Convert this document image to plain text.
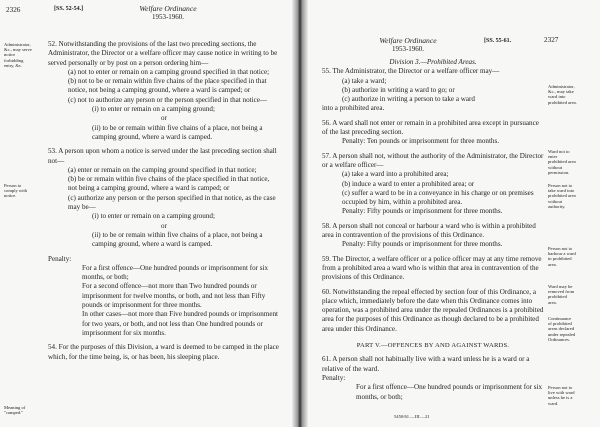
2326	[SS. 52-54.]	Welfare Ordinance
1953-1960.
Administrator,
&c., may serve
notice
forbidding
entry, &c.
Person to
comply with
notice.
Meaning of
"camped."

52. Notwithstanding the provisions of the last two preceding sections, the Administrator, the Director or a welfare officer may cause notice in writing to be served personally or by post on a person ordering him—

(a) not to enter or remain on a camping ground specified in that notice;

(b) not to be or remain within five chains of the place specified in that notice, not being a camping ground, where a ward is camped; or

(c) not to authorize any person or the person specified in that notice—

(i) to enter or remain on a camping ground;

or

(ii) to be or remain within five chains of a place, not being a camping ground, where a ward is camped.

53. A person upon whom a notice is served under the last preceding section shall not—

(a) enter or remain on the camping ground specified in that notice;

(b) be or remain within five chains of the place specified in that notice, not being a camping ground, where a ward is camped; or

(c) authorize any person or the person specified in that notice, as the case may be—

(i) to enter or remain on a camping ground;

or

(ii) to be or remain within five chains of a place, not being a camping ground, where a ward is camped.

Penalty:

For a first offence—One hundred pounds or imprisonment for six months, or both;

For a second offence—not more than Two hundred pounds or imprisonment for twelve months, or both, and not less than Fifty pounds or imprisonment for three months.

In other cases—not more than Five hundred pounds or imprisonment for two years, or both, and not less than One hundred pounds or imprisonment for six months.

54. For the purposes of this Division, a ward is deemed to be camped in the place which, for the time being, is, or has been, his sleeping place.

Welfare Ordinance
1953-1960.
[SS. 55-61.	2327
Administrator,
&c., may take
ward into
prohibited area.
Ward not to
enter
prohibited area
without
permission.
Person not to
take ward into
prohibited area
without
authority.
Person not to
harbour a ward
in prohibited
area.
Ward may be
removed from
prohibited
area.
Continuance
of prohibited
areas declared
under repealed
Ordinances.
Person not to
live with ward
unless he is a
ward.

Division 3.—Prohibited Areas.

55. The Administrator, the Director or a welfare officer may—

(a) take a ward;

(b) authorize in writing a ward to go; or

(c) authorize in writing a person to take a ward

into a prohibited area.

56. A ward shall not enter or remain in a prohibited area except in pursuance of the last preceding section.

Penalty: Ten pounds or imprisonment for three months.

57. A person shall not, without the authority of the Administrator, the Director or a welfare officer—

(a) take a ward into a prohibited area;

(b) induce a ward to enter a prohibited area; or

(c) suffer a ward to be in a conveyance in his charge or on premises occupied by him, within a prohibited area.

Penalty: Fifty pounds or imprisonment for three months.

58. A person shall not conceal or harbour a ward who is within a prohibited area in contravention of the provisions of this Ordinance.

Penalty: Fifty pounds or imprisonment for three months.

59. The Director, a welfare officer or a police officer may at any time remove from a prohibited area a ward who is within that area in contravention of the provisions of this Ordinance.

60. Notwithstanding the repeal effected by section four of this Ordinance, a place which, immediately before the date when this Ordinance comes into operation, was a prohibited area under the repealed Ordinances is a prohibited area for the purposes of this Ordinance as though declared to be a prohibited area under this Ordinance.

PART V.—OFFENCES BY AND AGAINST WARDS.

61. A person shall not habitually live with a ward unless he is a ward or a relative of the ward.

Penalty:

For a first offence—One hundred pounds or imprisonment for six months, or both;

5450/61.—III.—21
